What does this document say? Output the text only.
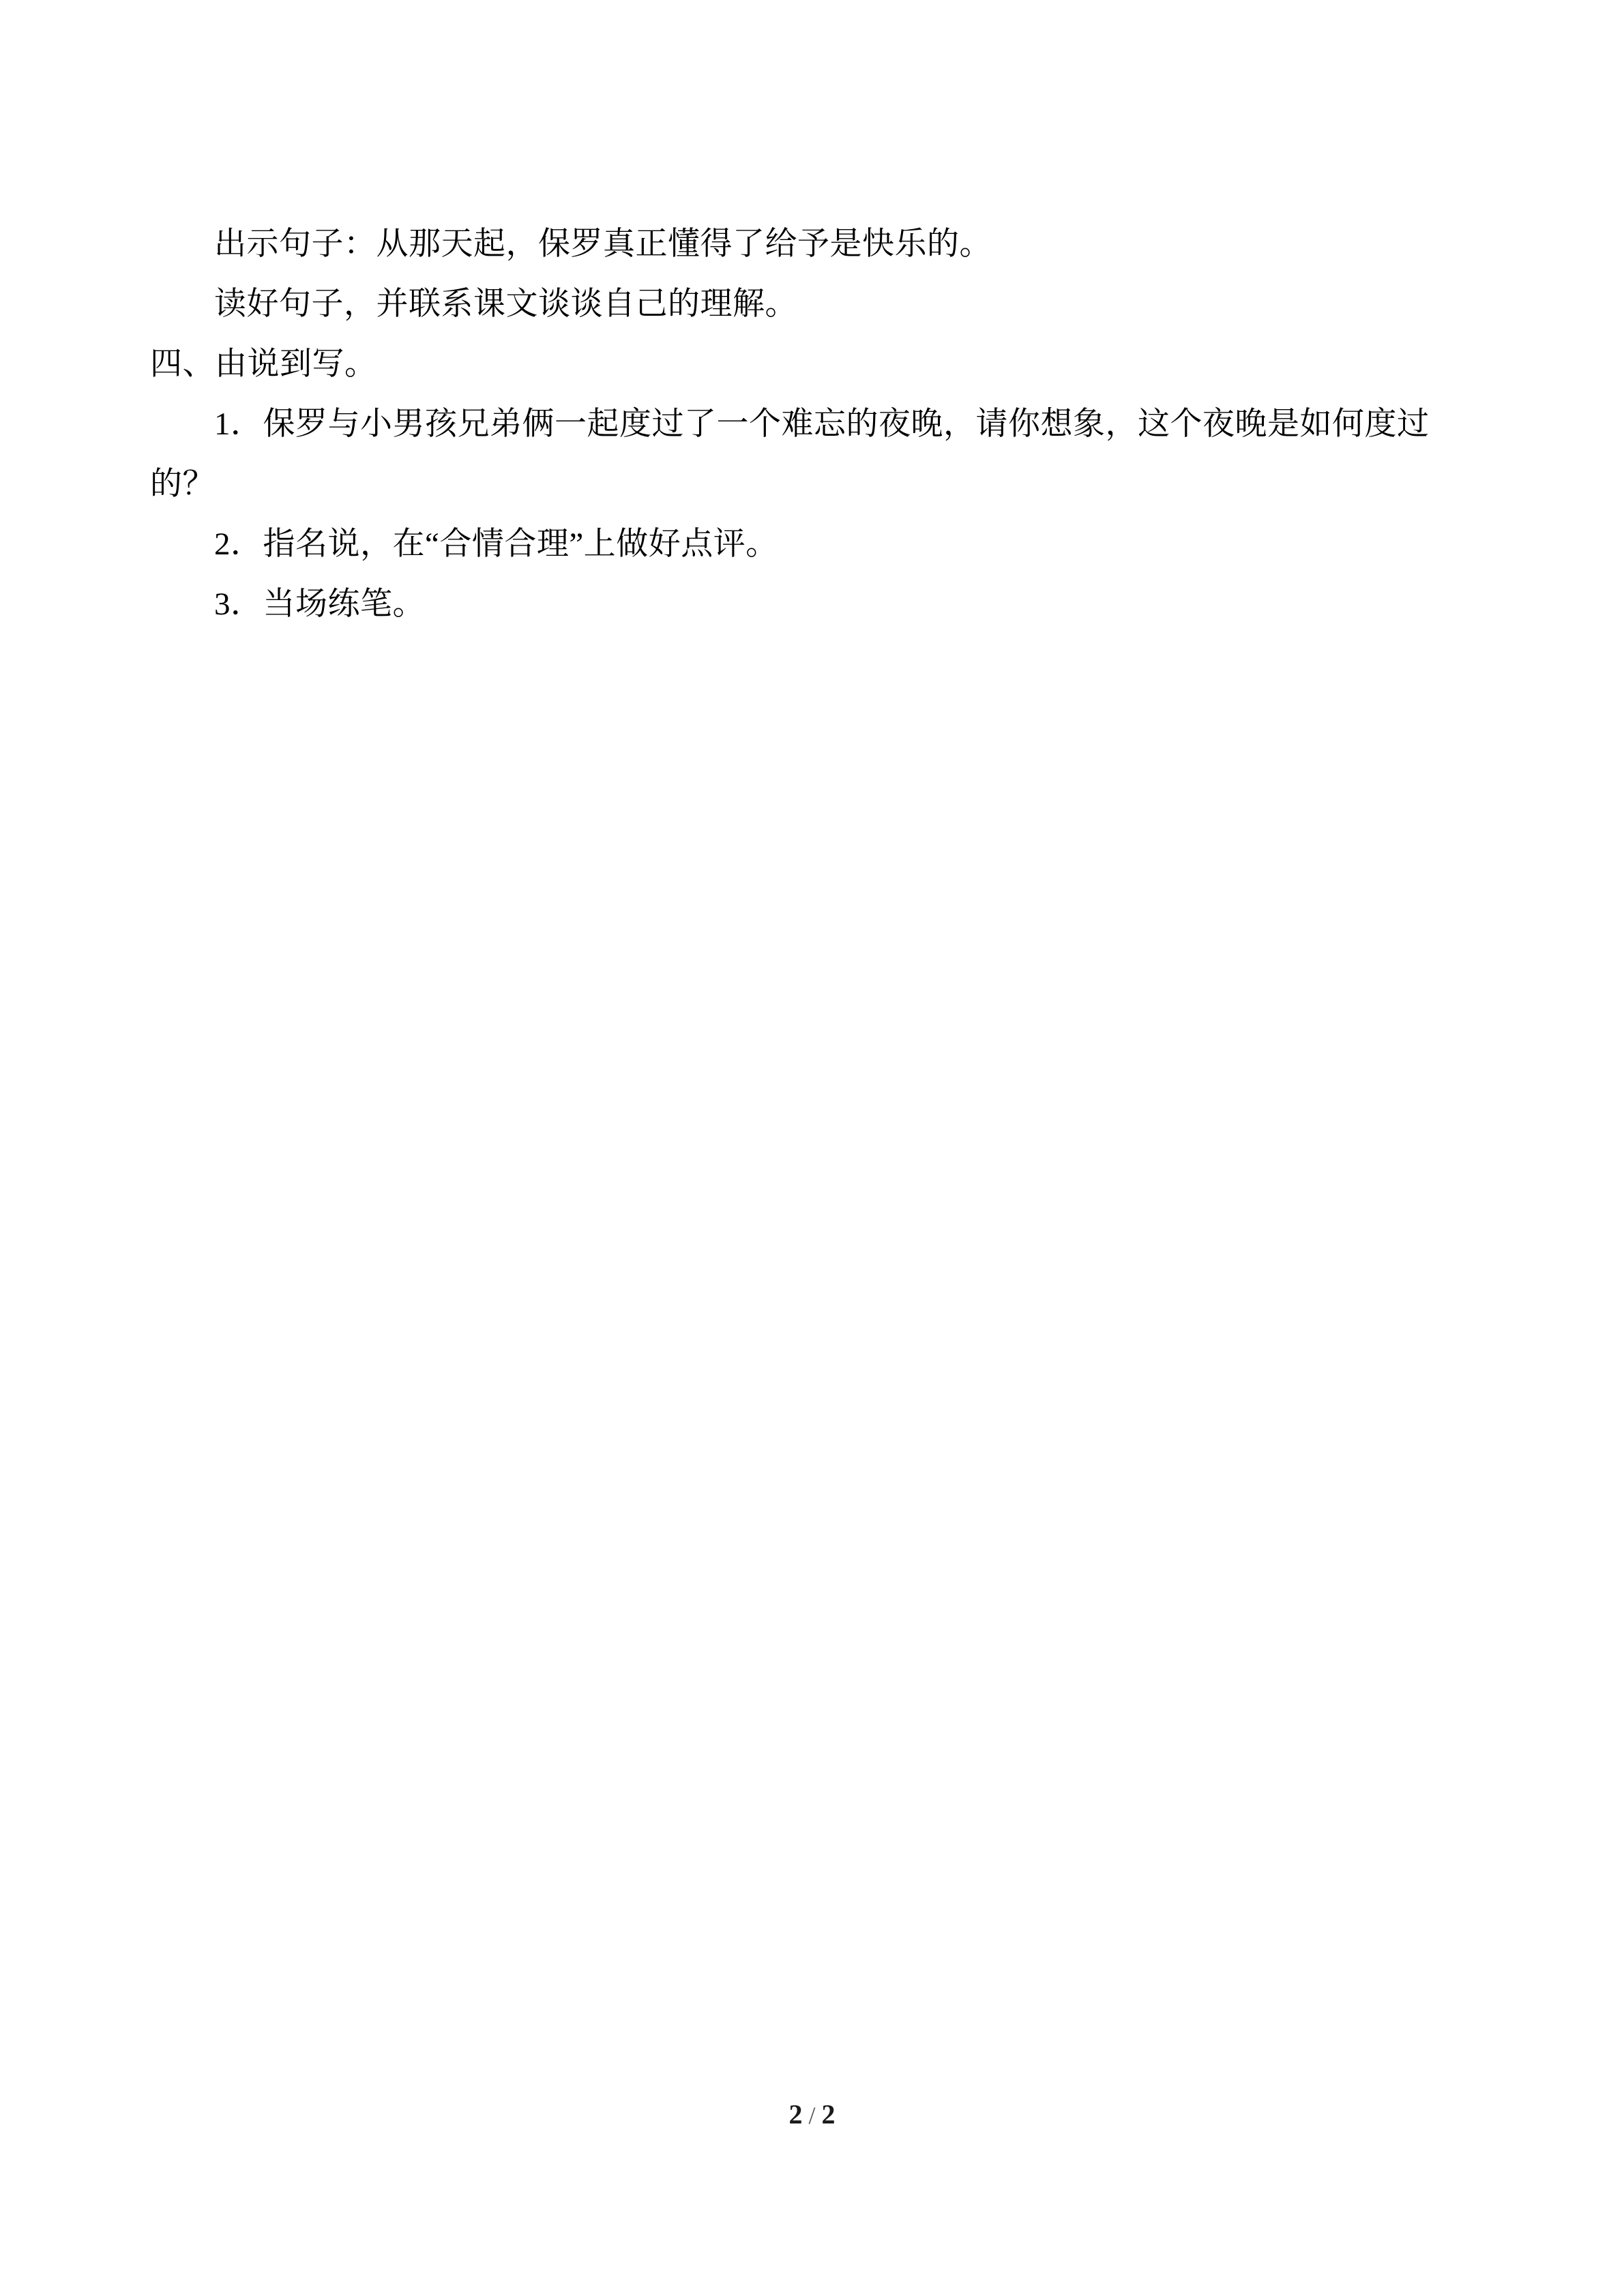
出示句子：从那天起，保罗真正懂得了给予是快乐的。
读好句子，并联系课文谈谈自己的理解。
四、由说到写。
1．保罗与小男孩兄弟俩一起度过了一个难忘的夜晚，请你想象，这个夜晚是如何度过
的？
2．指名说，在“合情合理”上做好点评。
3．当场练笔。
2 / 2
